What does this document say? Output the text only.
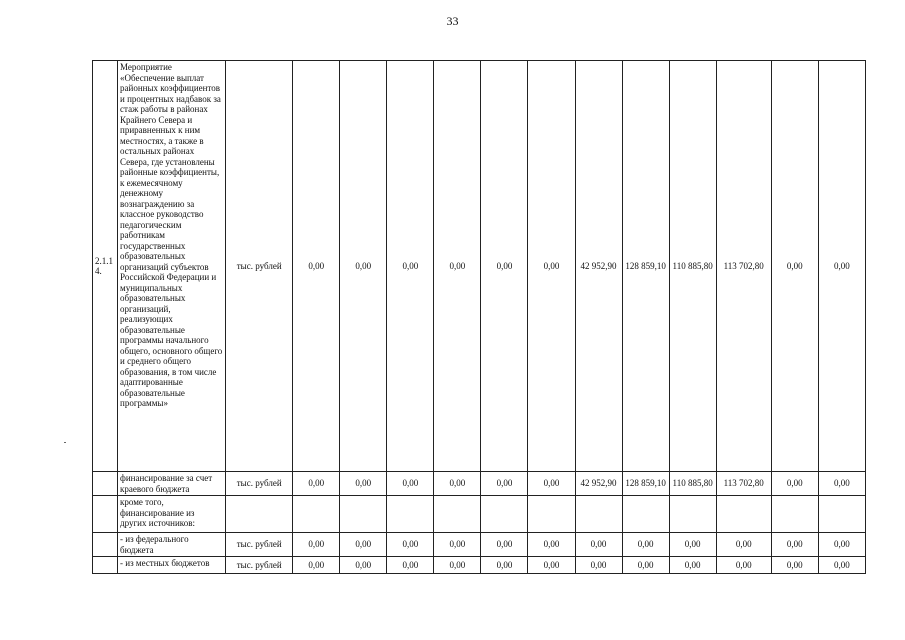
33
2.1.14.	Мероприятие «Обеспечение выплат районных коэффициентов и процентных надбавок за стаж работы в районах Крайнего Севера и приравненных к ним местностях, а также в остальных районах Севера, где установлены районные коэффициенты, к ежемесячному денежному вознаграждению за классное руководство педагогическим работникам государственных образовательных организаций субъектов Российской Федерации и муниципальных образовательных организаций, реализующих образовательные программы начального общего, основного общего и среднего общего образования, в том числе адаптированные образовательные программы»	тыс. рублей	0,00	0,00	0,00	0,00	0,00	0,00	42 952,90	128 859,10	110 885,80	113 702,80	0,00	0,00
	финансирование за счет краевого бюджета	тыс. рублей	0,00	0,00	0,00	0,00	0,00	0,00	42 952,90	128 859,10	110 885,80	113 702,80	0,00	0,00
	кроме того, финансирование из других источников:													
	- из федерального бюджета	тыс. рублей	0,00	0,00	0,00	0,00	0,00	0,00	0,00	0,00	0,00	0,00	0,00	0,00
	- из местных бюджетов	тыс. рублей	0,00	0,00	0,00	0,00	0,00	0,00	0,00	0,00	0,00	0,00	0,00	0,00
